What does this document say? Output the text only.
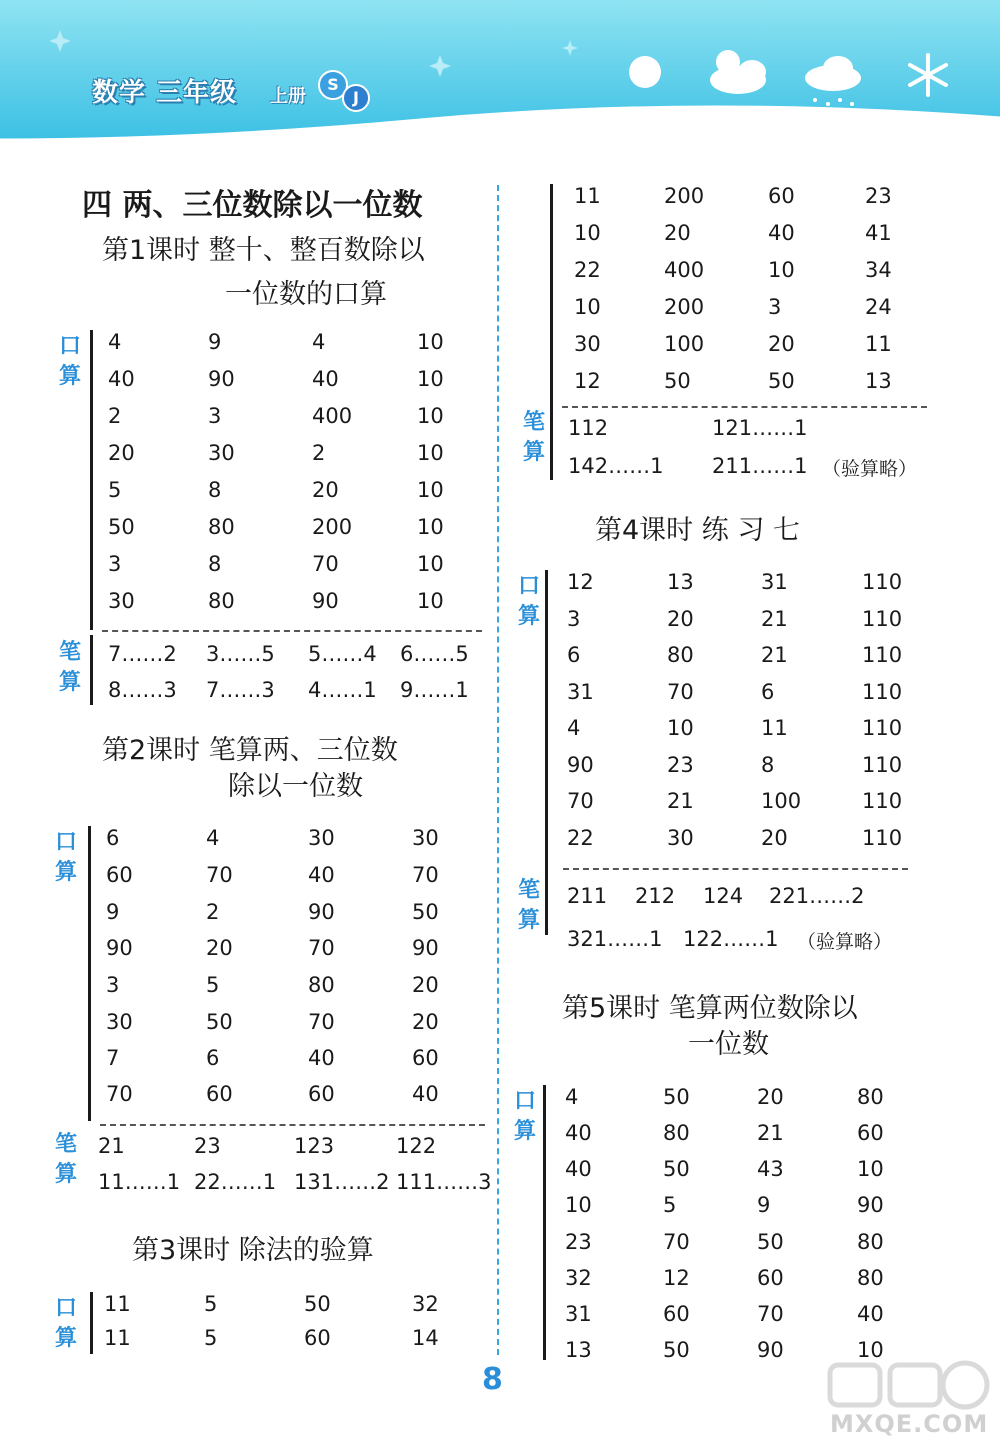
数学 三年级 上册
S
J
四 两、三位数除以一位数
第1课时 整十、整百数除以
一位数的口算
口算
4	9	4	10
40	90	40	10
2	3	400	10
20	30	2	10
5	8	20	10
50	80	200	10
3	8	70	10
30	80	90	10
笔算
7……2 3……5 5……4 6……5
8……3 7……3 4……1 9……1
第2课时 笔算两、三位数
除以一位数
口算
6	4	30	30
60	70	40	70
9	2	90	50
90	20	70	90
3	5	80	20
30	50	70	20
7	6	40	60
70	60	60	40
笔算
21	23	123	122
11……1 22……1 131……2 111……3
第3课时 除法的验算
口算
11	5	50	32
11	5	60	14
11	200	60	23
10	20	40	41
22	400	10	34
10	200	3	24
30	100	20	11
12	50	50	13
笔算
112	121……1
142……1 211……1 （验算略）
第4课时 练 习 七
口算
12	13	31	110
3	20	21	110
6	80	21	110
31	70	6	110
4	10	11	110
90	23	8	110
70	21	100	110
22	30	20	110
笔算
211 212 124 221……2
321……1 122……1 （验算略）
第5课时 笔算两位数除以
一位数
口算
4	50	20	80
40	80	21	60
40	50	43	10
10	5	9	90
23	70	50	80
32	12	60	80
31	60	70	40
13	50	90	10
8
MXQE.COM
